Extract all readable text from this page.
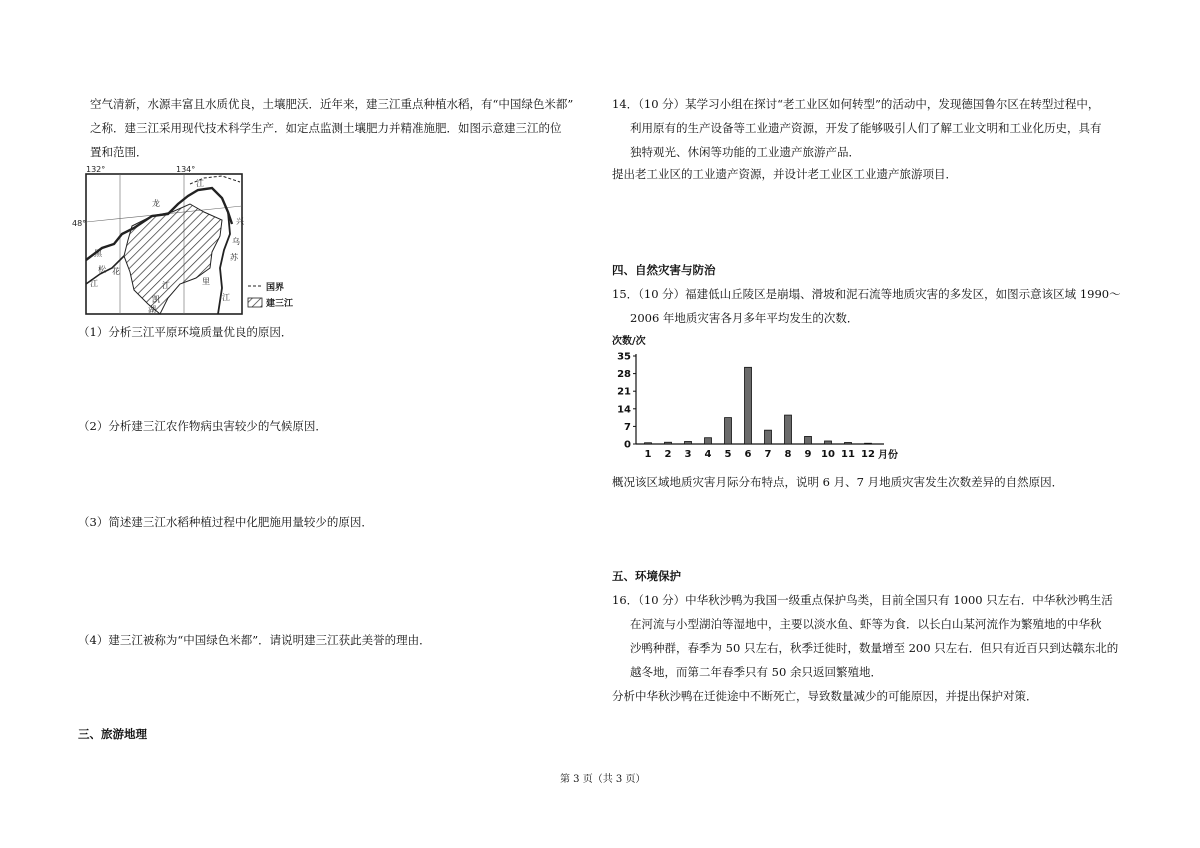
空气清新，水源丰富且水质优良，土壤肥沃．近年来，建三江重点种植水稻，有“中国绿色米都”
之称．建三江采用现代技术科学生产．如定点监测土壤肥力并精准施肥．如图示意建三江的位
置和范围．
132°	134°
48°
江
龙
黑
松 花
江
乌
苏
里
江
江
凯
湖
兴
国界
建三江
（1）分析三江平原环境质量优良的原因．
（2）分析建三江农作物病虫害较少的气候原因．
（3）简述建三江水稻种植过程中化肥施用量较少的原因．
（4）建三江被称为“中国绿色米都”．请说明建三江获此美誉的理由．
三、旅游地理
14．（10 分）某学习小组在探讨“老工业区如何转型”的活动中，发现德国鲁尔区在转型过程中，
利用原有的生产设备等工业遗产资源，开发了能够吸引人们了解工业文明和工业化历史，具有
独特观光、休闲等功能的工业遗产旅游产品．
提出老工业区的工业遗产资源，并设计老工业区工业遗产旅游项目．
四、自然灾害与防治
15．（10 分）福建低山丘陵区是崩塌、滑坡和泥石流等地质灾害的多发区，如图示意该区域 1990～
2006 年地质灾害各月多年平均发生的次数．
次数/次
月份
0
7
14
21
28
35
1 2 3 4 5 6 7 8 9 10 11 12
概况该区域地质灾害月际分布特点，说明 6 月、7 月地质灾害发生次数差异的自然原因．
五、环境保护
16．（10 分）中华秋沙鸭为我国一级重点保护鸟类，目前全国只有 1000 只左右．中华秋沙鸭生活
在河流与小型湖泊等湿地中，主要以淡水鱼、虾等为食．以长白山某河流作为繁殖地的中华秋
沙鸭种群，春季为 50 只左右，秋季迁徙时，数量增至 200 只左右．但只有近百只到达赣东北的
越冬地，而第二年春季只有 50 余只返回繁殖地．
分析中华秋沙鸭在迁徙途中不断死亡，导致数量减少的可能原因，并提出保护对策．
第 3 页（共 3 页）
